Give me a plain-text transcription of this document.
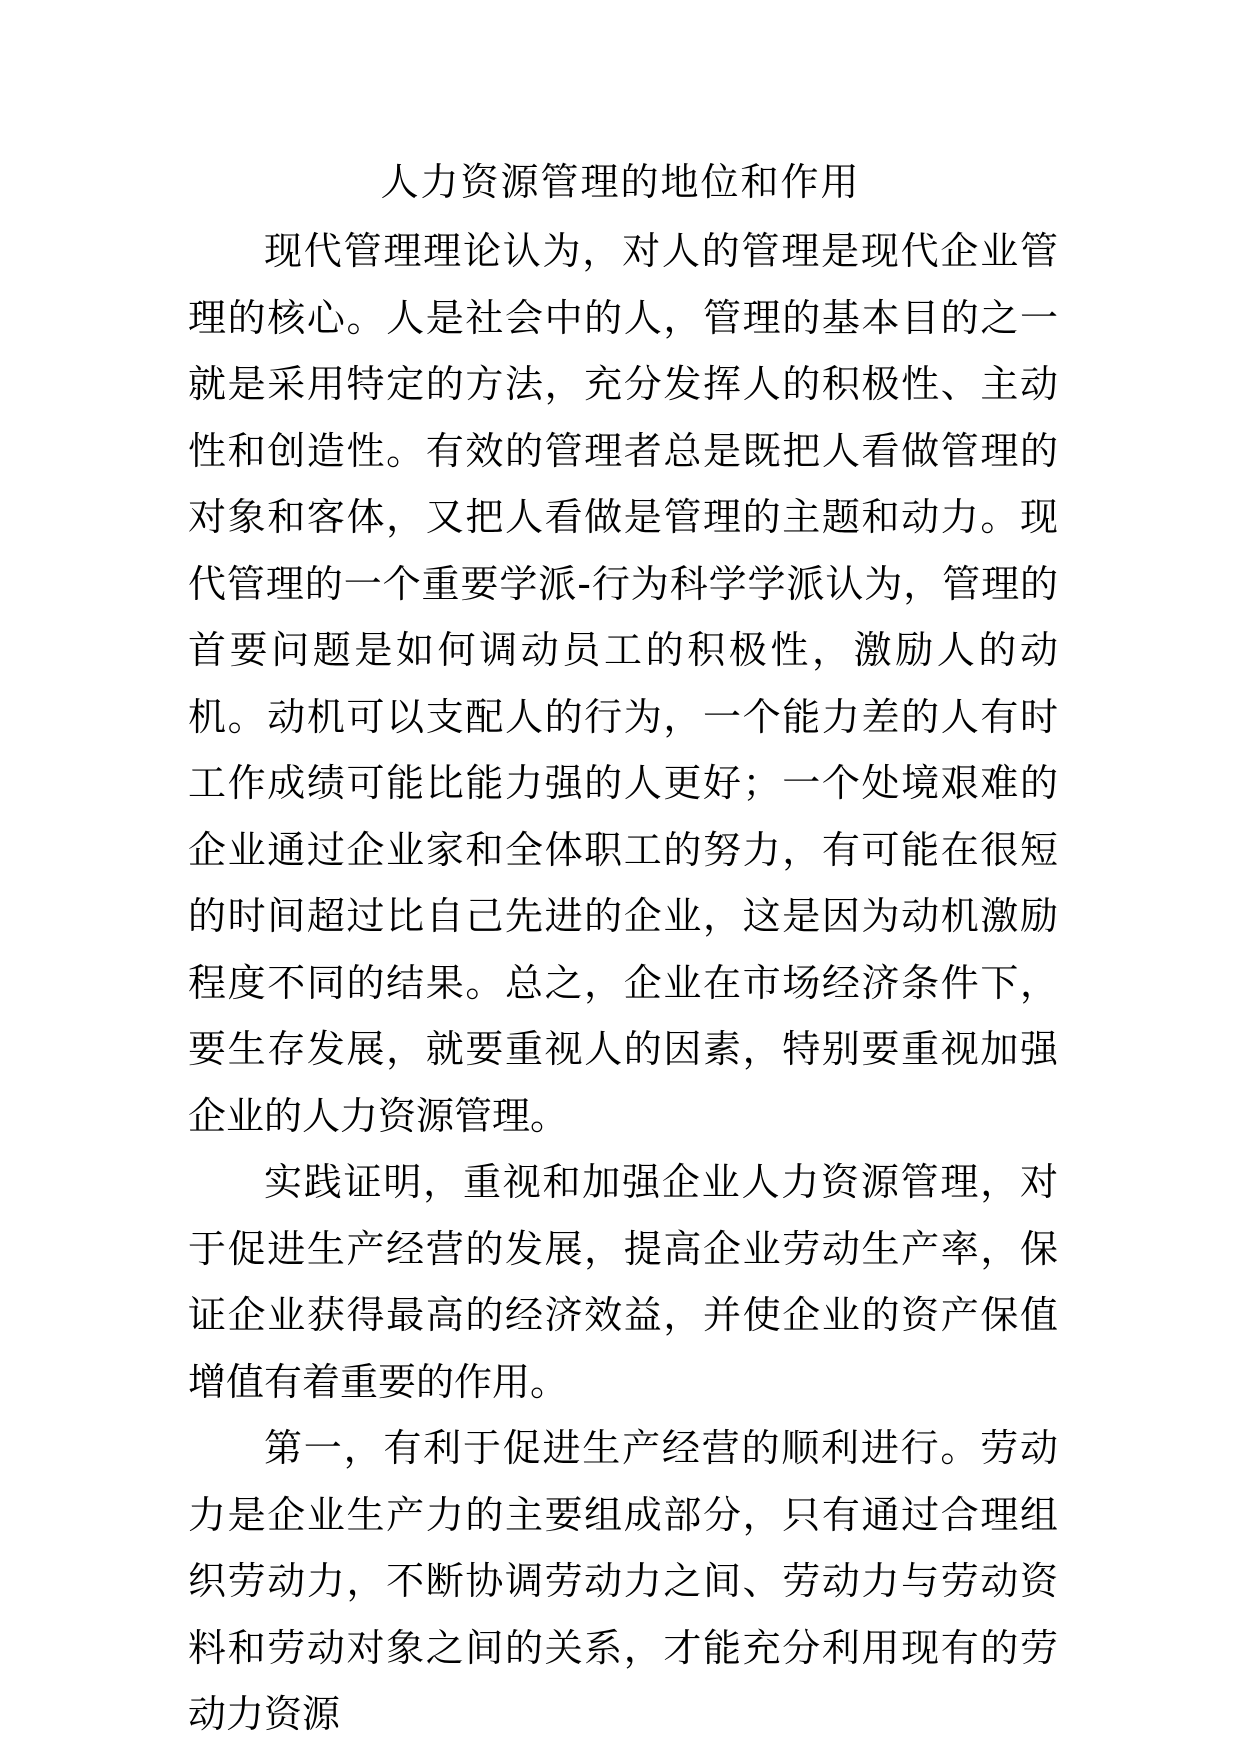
人力资源管理的地位和作用

现代管理理论认为，对人的管理是现代企业管理的核心。人是社会中的人，管理的基本目的之一就是采用特定的方法，充分发挥人的积极性、主动性和创造性。有效的管理者总是既把人看做管理的对象和客体，又把人看做是管理的主题和动力。现代管理的一个重要学派-行为科学学派认为，管理的首要问题是如何调动员工的积极性，激励人的动机。动机可以支配人的行为，一个能力差的人有时工作成绩可能比能力强的人更好；一个处境艰难的企业通过企业家和全体职工的努力，有可能在很短的时间超过比自己先进的企业，这是因为动机激励程度不同的结果。总之，企业在市场经济条件下，要生存发展，就要重视人的因素，特别要重视加强企业的人力资源管理。

实践证明，重视和加强企业人力资源管理，对于促进生产经营的发展，提高企业劳动生产率，保证企业获得最高的经济效益，并使企业的资产保值增值有着重要的作用。

第一，有利于促进生产经营的顺利进行。劳动力是企业生产力的主要组成部分，只有通过合理组织劳动力，不断协调劳动力之间、劳动力与劳动资料和劳动对象之间的关系，才能充分利用现有的劳动力资源
